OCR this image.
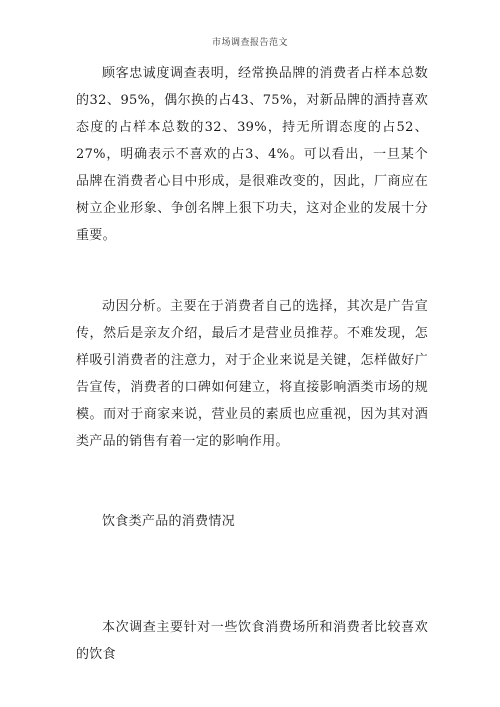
市场调查报告范文

顾客忠诚度调查表明，经常换品牌的消费者占样本总数的32、95%，偶尔换的占43、75%，对新品牌的酒持喜欢态度的占样本总数的32、39%，持无所谓态度的占52、27%，明确表示不喜欢的占3、4%。可以看出，一旦某个品牌在消费者心目中形成，是很难改变的，因此，厂商应在树立企业形象、争创名牌上狠下功夫，这对企业的发展十分重要。

动因分析。主要在于消费者自己的选择，其次是广告宣传，然后是亲友介绍，最后才是营业员推荐。不难发现，怎样吸引消费者的注意力，对于企业来说是关键，怎样做好广告宣传，消费者的口碑如何建立，将直接影响酒类市场的规模。而对于商家来说，营业员的素质也应重视，因为其对酒类产品的销售有着一定的影响作用。

饮食类产品的消费情况

本次调查主要针对一些饮食消费场所和消费者比较喜欢的饮食
